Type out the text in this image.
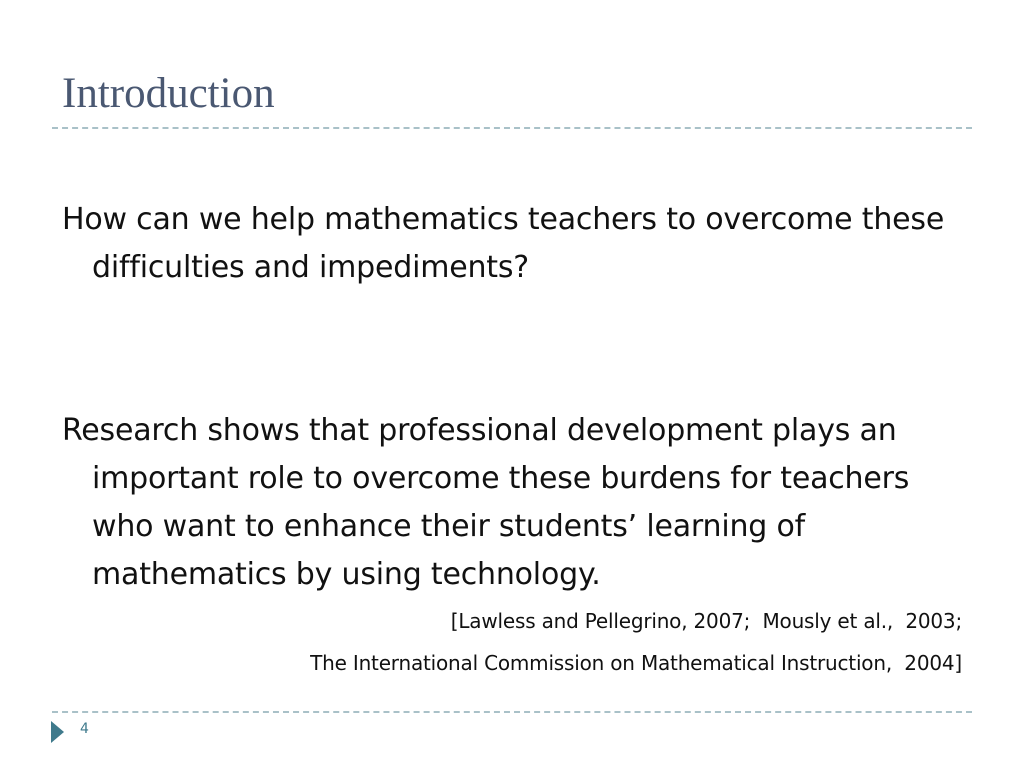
Introduction
How can we help mathematics teachers to overcome these difficulties and impediments?
Research shows that professional development plays an important role to overcome these burdens for teachers who want to enhance their students’ learning of mathematics by using technology.
[Lawless and Pellegrino, 2007;  Mously et al.,  2003;
The International Commission on Mathematical Instruction,  2004]
4
